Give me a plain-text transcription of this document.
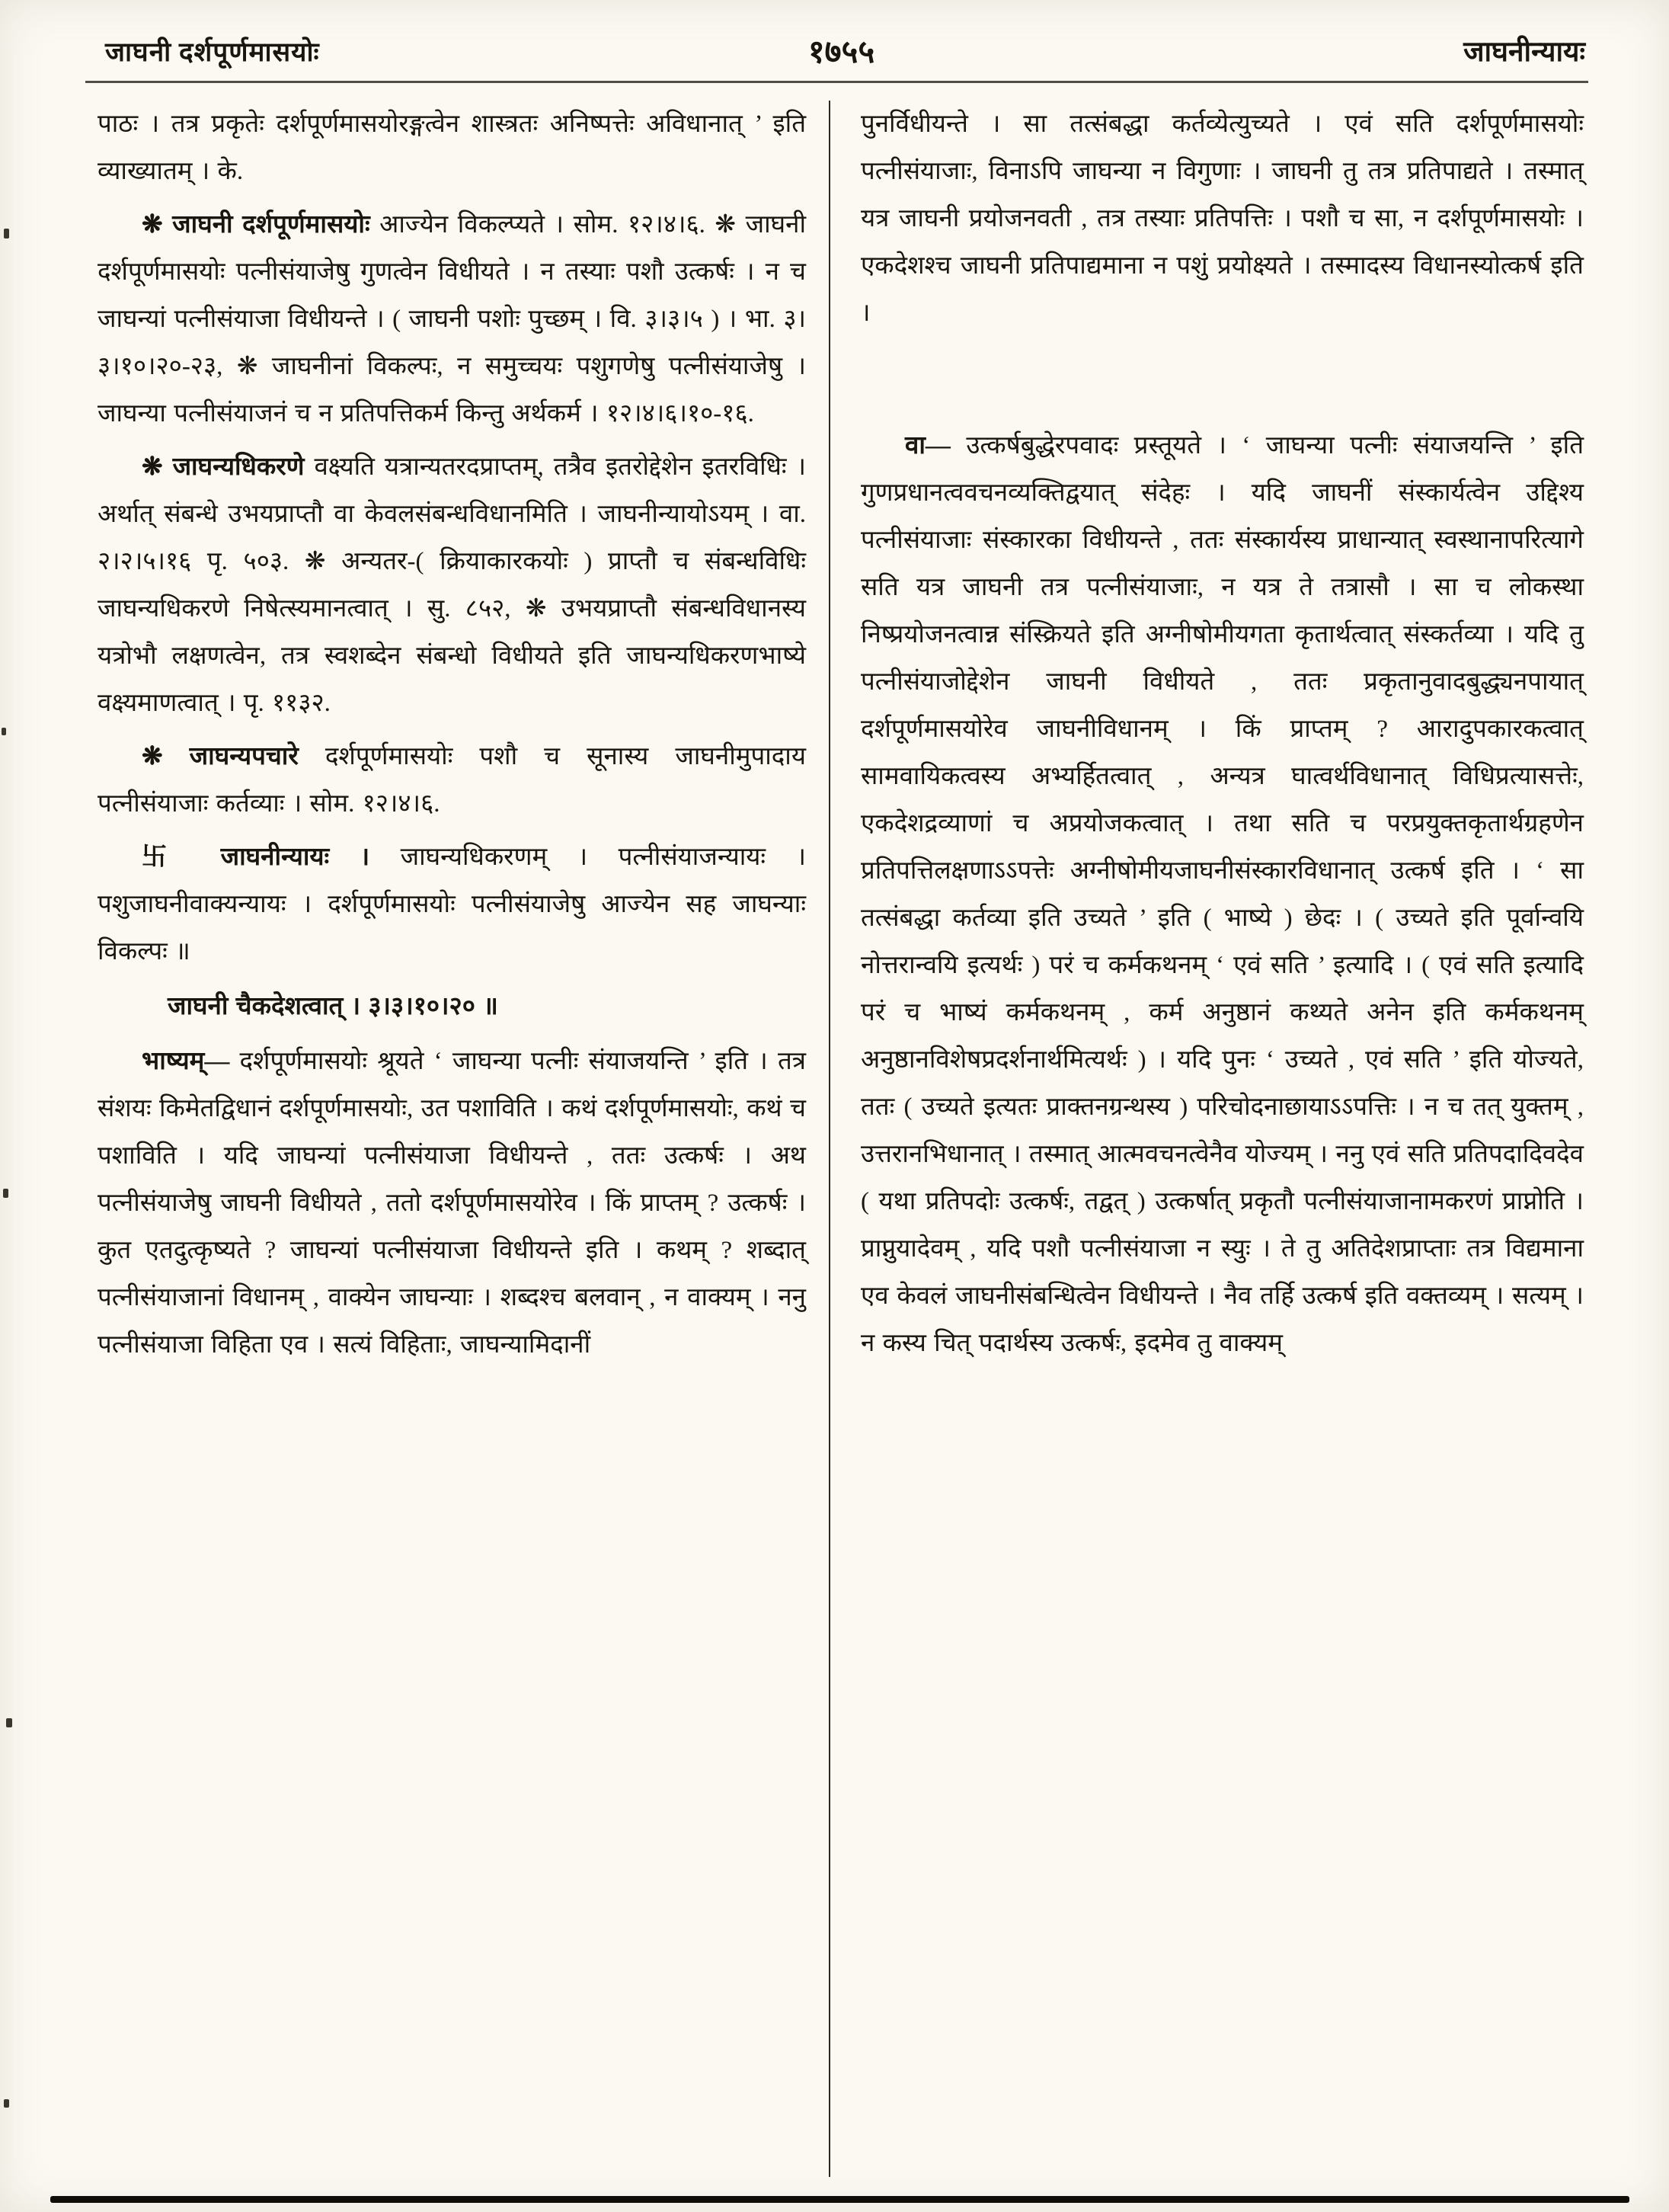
जाघनी दर्शपूर्णमासयोः	१७५५	जाघनीन्यायः

पाठः । तत्र प्रकृतेः दर्शपूर्णमासयोरङ्गत्वेन शास्त्रतः अनिष्पत्तेः अविधानात् ’ इति व्याख्यातम् । के.

❋ जाघनी दर्शपूर्णमासयोः आज्येन विकल्प्यते । सोम. १२।४।६. ❋ जाघनी दर्शपूर्णमासयोः पत्नीसंयाजेषु गुणत्वेन विधीयते । न तस्याः पशौ उत्कर्षः । न च जाघन्यां पत्नीसंयाजा विधीयन्ते । ( जाघनी पशोः पुच्छम् । वि. ३।३।५ ) । भा. ३।३।१०।२०-२३, ❋ जाघनीनां विकल्पः, न समुच्चयः पशुगणेषु पत्नीसंयाजेषु । जाघन्या पत्नीसंयाजनं च न प्रतिपत्तिकर्म किन्तु अर्थकर्म । १२।४।६।१०-१६.

❋ जाघन्यधिकरणे वक्ष्यति यत्रान्यतरदप्राप्तम्, तत्रैव इतरोद्देशेन इतरविधिः । अर्थात् संबन्धे उभयप्राप्तौ वा केवलसंबन्धविधानमिति । जाघनीन्यायोऽयम् । वा. २।२।५।१६ पृ. ५०३. ❋ अन्यतर-( क्रियाकारकयोः ) प्राप्तौ च संबन्धविधिः जाघन्यधिकरणे निषेत्स्यमानत्वात् । सु. ८५२, ❋ उभयप्राप्तौ संबन्धविधानस्य यत्रोभौ लक्षणत्वेन, तत्र स्वशब्देन संबन्धो विधीयते इति जाघन्यधिकरणभाष्ये वक्ष्यमाणत्वात् । पृ. ११३२.

❋ जाघन्यपचारे दर्शपूर्णमासयोः पशौ च सूनास्य जाघनीमुपादाय पत्नीसंयाजाः कर्तव्याः । सोम. १२।४।६.

卐 जाघनीन्यायः । जाघन्यधिकरणम् । पत्नीसंयाजन्यायः । पशुजाघनीवाक्यन्यायः । दर्शपूर्णमासयोः पत्नीसंयाजेषु आज्येन सह जाघन्याः विकल्पः ॥

जाघनी चैकदेशत्वात् । ३।३।१०।२० ॥

भाष्यम्— दर्शपूर्णमासयोः श्रूयते ‘ जाघन्या पत्नीः संयाजयन्ति ’ इति । तत्र संशयः किमेतद्विधानं दर्शपूर्णमासयोः, उत पशाविति । कथं दर्शपूर्णमासयोः, कथं च पशाविति । यदि जाघन्यां पत्नीसंयाजा विधीयन्ते , ततः उत्कर्षः । अथ पत्नीसंयाजेषु जाघनी विधीयते , ततो दर्शपूर्णमासयोरेव । किं प्राप्तम् ? उत्कर्षः । कुत एतदुत्कृष्यते ? जाघन्यां पत्नीसंयाजा विधीयन्ते इति । कथम् ? शब्दात् पत्नीसंयाजानां विधानम् , वाक्येन जाघन्याः । शब्दश्च बलवान् , न वाक्यम् । ननु पत्नीसंयाजा विहिता एव । सत्यं विहिताः, जाघन्यामिदानीं

पुनर्विधीयन्ते । सा तत्संबद्धा कर्तव्येत्युच्यते । एवं सति दर्शपूर्णमासयोः पत्नीसंयाजाः, विनाऽपि जाघन्या न विगुणाः । जाघनी तु तत्र प्रतिपाद्यते । तस्मात् यत्र जाघनी प्रयोजनवती , तत्र तस्याः प्रतिपत्तिः । पशौ च सा, न दर्शपूर्णमासयोः । एकदेशश्च जाघनी प्रतिपाद्यमाना न पशुं प्रयोक्ष्यते । तस्मादस्य विधानस्योत्कर्ष इति ।

वा— उत्कर्षबुद्धेरपवादः प्रस्तूयते । ‘ जाघन्या पत्नीः संयाजयन्ति ’ इति गुणप्रधानत्ववचनव्यक्तिद्वयात् संदेहः । यदि जाघनीं संस्कार्यत्वेन उद्दिश्य पत्नीसंयाजाः संस्कारका विधीयन्ते , ततः संस्कार्यस्य प्राधान्यात् स्वस्थानापरित्यागे सति यत्र जाघनी तत्र पत्नीसंयाजाः, न यत्र ते तत्रासौ । सा च लोकस्था निष्प्रयोजनत्वान्न संस्क्रियते इति अग्नीषोमीयगता कृतार्थत्वात् संस्कर्तव्या । यदि तु पत्नीसंयाजोद्देशेन जाघनी विधीयते , ततः प्रकृतानुवादबुद्ध्यनपायात् दर्शपूर्णमासयोरेव जाघनीविधानम् । किं प्राप्तम् ? आरादुपकारकत्वात् सामवायिकत्वस्य अभ्यर्हितत्वात् , अन्यत्र घात्वर्थविधानात् विधिप्रत्यासत्तेः, एकदेशद्रव्याणां च अप्रयोजकत्वात् । तथा सति च परप्रयुक्तकृतार्थग्रहणेन प्रतिपत्तिलक्षणाऽऽपत्तेः अग्नीषोमीयजाघनीसंस्कारविधानात् उत्कर्ष इति । ‘ सा तत्संबद्धा कर्तव्या इति उच्यते ’ इति ( भाष्ये ) छेदः । ( उच्यते इति पूर्वान्वयि नोत्तरान्वयि इत्यर्थः ) परं च कर्मकथनम् ‘ एवं सति ’ इत्यादि । ( एवं सति इत्यादि परं च भाष्यं कर्मकथनम् , कर्म अनुष्ठानं कथ्यते अनेन इति कर्मकथनम् अनुष्ठानविशेषप्रदर्शनार्थमित्यर्थः ) । यदि पुनः ‘ उच्यते , एवं सति ’ इति योज्यते, ततः ( उच्यते इत्यतः प्राक्तनग्रन्थस्य ) परिचोदनाछायाऽऽपत्तिः । न च तत् युक्तम् , उत्तरानभिधानात् । तस्मात् आत्मवचनत्वेनैव योज्यम् । ननु एवं सति प्रतिपदादिवदेव ( यथा प्रतिपदोः उत्कर्षः, तद्वत् ) उत्कर्षात् प्रकृतौ पत्नीसंयाजानामकरणं प्राप्नोति । प्राप्नुयादेवम् , यदि पशौ पत्नीसंयाजा न स्युः । ते तु अतिदेशप्राप्ताः तत्र विद्यमाना एव केवलं जाघनीसंबन्धित्वेन विधीयन्ते । नैव तर्हि उत्कर्ष इति वक्तव्यम् । सत्यम् । न कस्य चित् पदार्थस्य उत्कर्षः, इदमेव तु वाक्यम्
